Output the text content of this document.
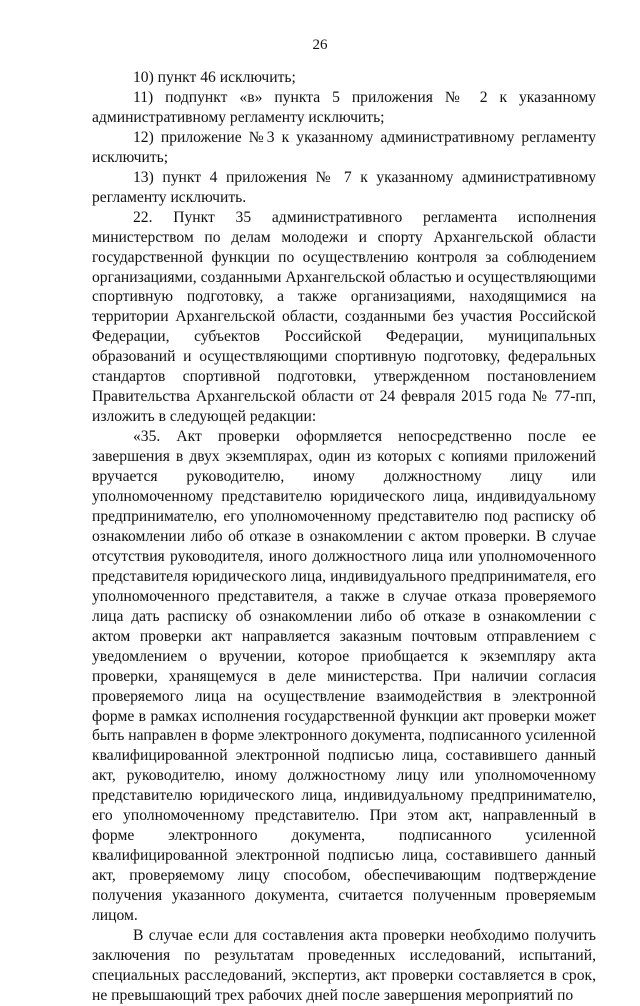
26

10) пункт 46 исключить;

11) подпункт «в» пункта 5 приложения № 2 к указанному административному регламенту исключить;

12) приложение №3 к указанному административному регламенту исключить;

13) пункт 4 приложения № 7 к указанному административному регламенту исключить.

22. Пункт 35 административного регламента исполнения министерством по делам молодежи и спорту Архангельской области государственной функции по осуществлению контроля за соблюдением организациями, созданными Архангельской областью и осуществляющими спортивную подготовку, а также организациями, находящимися на территории Архангельской области, созданными без участия Российской Федерации, субъектов Российской Федерации, муниципальных образований и осуществляющими спортивную подготовку, федеральных стандартов спортивной подготовки, утвержденном постановлением Правительства Архангельской области от 24 февраля 2015 года № 77-пп, изложить в следующей редакции:

«35. Акт проверки оформляется непосредственно после ее завершения в двух экземплярах, один из которых с копиями приложений вручается руководителю, иному должностному лицу или уполномоченному представителю юридического лица, индивидуальному предпринимателю, его уполномоченному представителю под расписку об ознакомлении либо об отказе в ознакомлении с актом проверки. В случае отсутствия руководителя, иного должностного лица или уполномоченного представителя юридического лица, индивидуального предпринимателя, его уполномоченного представителя, а также в случае отказа проверяемого лица дать расписку об ознакомлении либо об отказе в ознакомлении с актом проверки акт направляется заказным почтовым отправлением с уведомлением о вручении, которое приобщается к экземпляру акта проверки, хранящемуся в деле министерства. При наличии согласия проверяемого лица на осуществление взаимодействия в электронной форме в рамках исполнения государственной функции акт проверки может быть направлен в форме электронного документа, подписанного усиленной квалифицированной электронной подписью лица, составившего данный акт, руководителю, иному должностному лицу или уполномоченному представителю юридического лица, индивидуальному предпринимателю, его уполномоченному представителю. При этом акт, направленный в форме электронного документа, подписанного усиленной квалифицированной электронной подписью лица, составившего данный акт, проверяемому лицу способом, обеспечивающим подтверждение получения указанного документа, считается полученным проверяемым лицом.

В случае если для составления акта проверки необходимо получить заключения по результатам проведенных исследований, испытаний, специальных расследований, экспертиз, акт проверки составляется в срок, не превышающий трех рабочих дней после завершения мероприятий по
